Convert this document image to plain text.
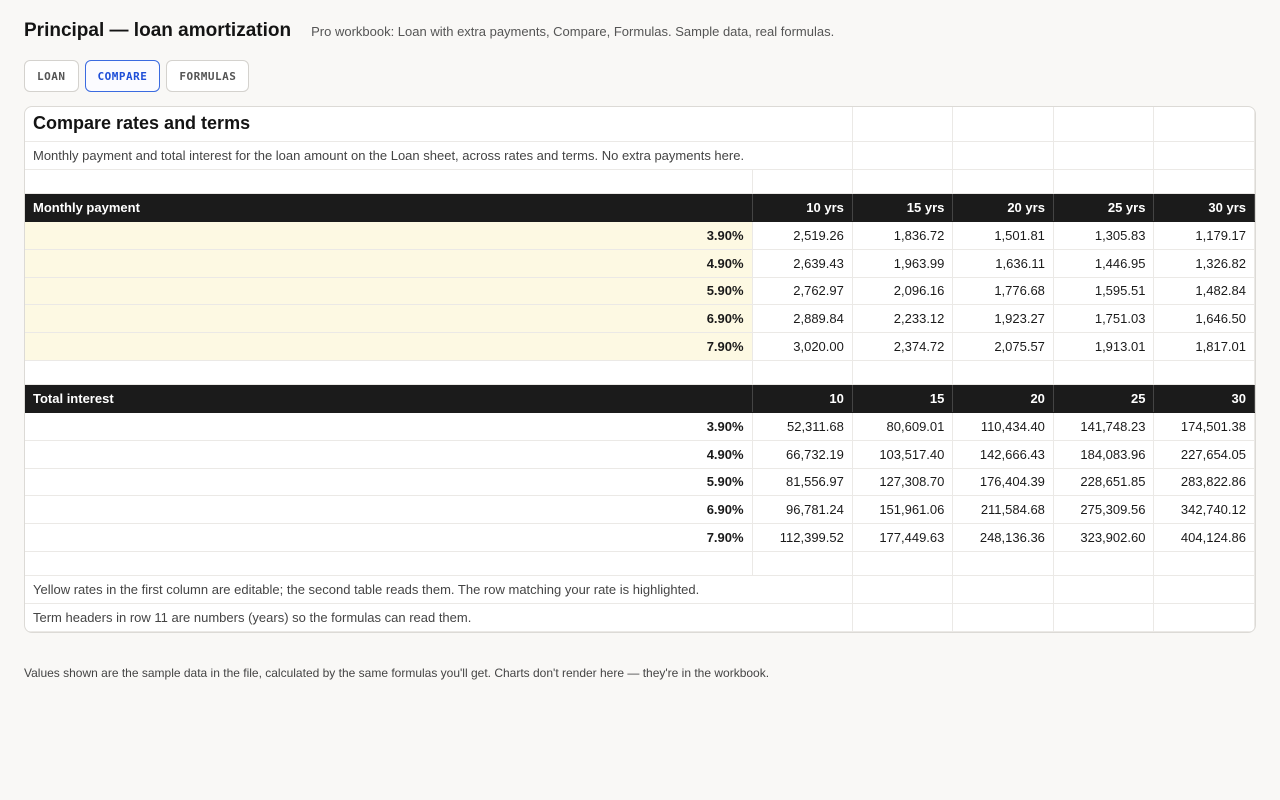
Principal — loan amortization Pro workbook: Loan with extra payments, Compare, Formulas. Sample data, real formulas.
LOAN	COMPARE	FORMULAS
Compare rates and terms					
Monthly payment and total interest for the loan amount on the Loan sheet, across rates and terms. No extra payments here.					

Monthly payment	10 yrs	15 yrs	20 yrs	25 yrs	30 yrs
3.90%	2,519.26	1,836.72	1,501.81	1,305.83	1,179.17
4.90%	2,639.43	1,963.99	1,636.11	1,446.95	1,326.82
5.90%	2,762.97	2,096.16	1,776.68	1,595.51	1,482.84
6.90%	2,889.84	2,233.12	1,923.27	1,751.03	1,646.50
7.90%	3,020.00	2,374.72	2,075.57	1,913.01	1,817.01

Total interest	10	15	20	25	30
3.90%	52,311.68	80,609.01	110,434.40	141,748.23	174,501.38
4.90%	66,732.19	103,517.40	142,666.43	184,083.96	227,654.05
5.90%	81,556.97	127,308.70	176,404.39	228,651.85	283,822.86
6.90%	96,781.24	151,961.06	211,584.68	275,309.56	342,740.12
7.90%	112,399.52	177,449.63	248,136.36	323,902.60	404,124.86

Yellow rates in the first column are editable; the second table reads them. The row matching your rate is highlighted.					
Term headers in row 11 are numbers (years) so the formulas can read them.					
Values shown are the sample data in the file, calculated by the same formulas you'll get. Charts don't render here — they're in the workbook.
